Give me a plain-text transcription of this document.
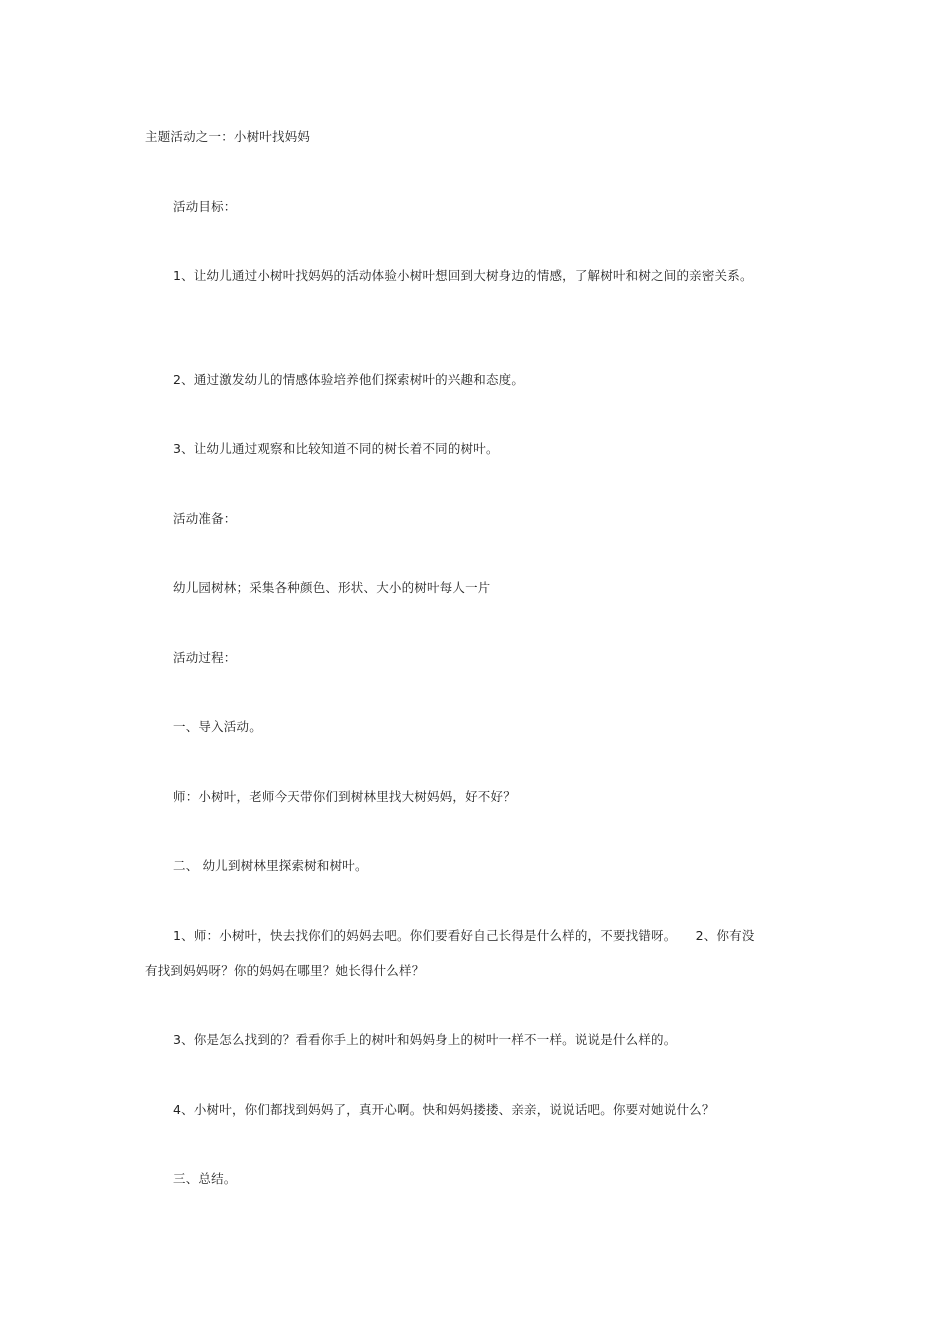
主题活动之一：小树叶找妈妈
活动目标：
1、让幼儿通过小树叶找妈妈的活动体验小树叶想回到大树身边的情感，了解树叶和树之间的亲密关系。
2、通过激发幼儿的情感体验培养他们探索树叶的兴趣和态度。
3、让幼儿通过观察和比较知道不同的树长着不同的树叶。
活动准备：
幼儿园树林；采集各种颜色、形状、大小的树叶每人一片
活动过程：
一、导入活动。
师：小树叶，老师今天带你们到树林里找大树妈妈，好不好？
二、 幼儿到树林里探索树和树叶。
1、师：小树叶，快去找你们的妈妈去吧。你们要看好自己长得是什么样的，不要找错呀。　　2、你有没
有找到妈妈呀？你的妈妈在哪里？她长得什么样？
3、你是怎么找到的？看看你手上的树叶和妈妈身上的树叶一样不一样。说说是什么样的。
4、小树叶，你们都找到妈妈了，真开心啊。快和妈妈搂搂、亲亲，说说话吧。你要对她说什么？
三、总结。
